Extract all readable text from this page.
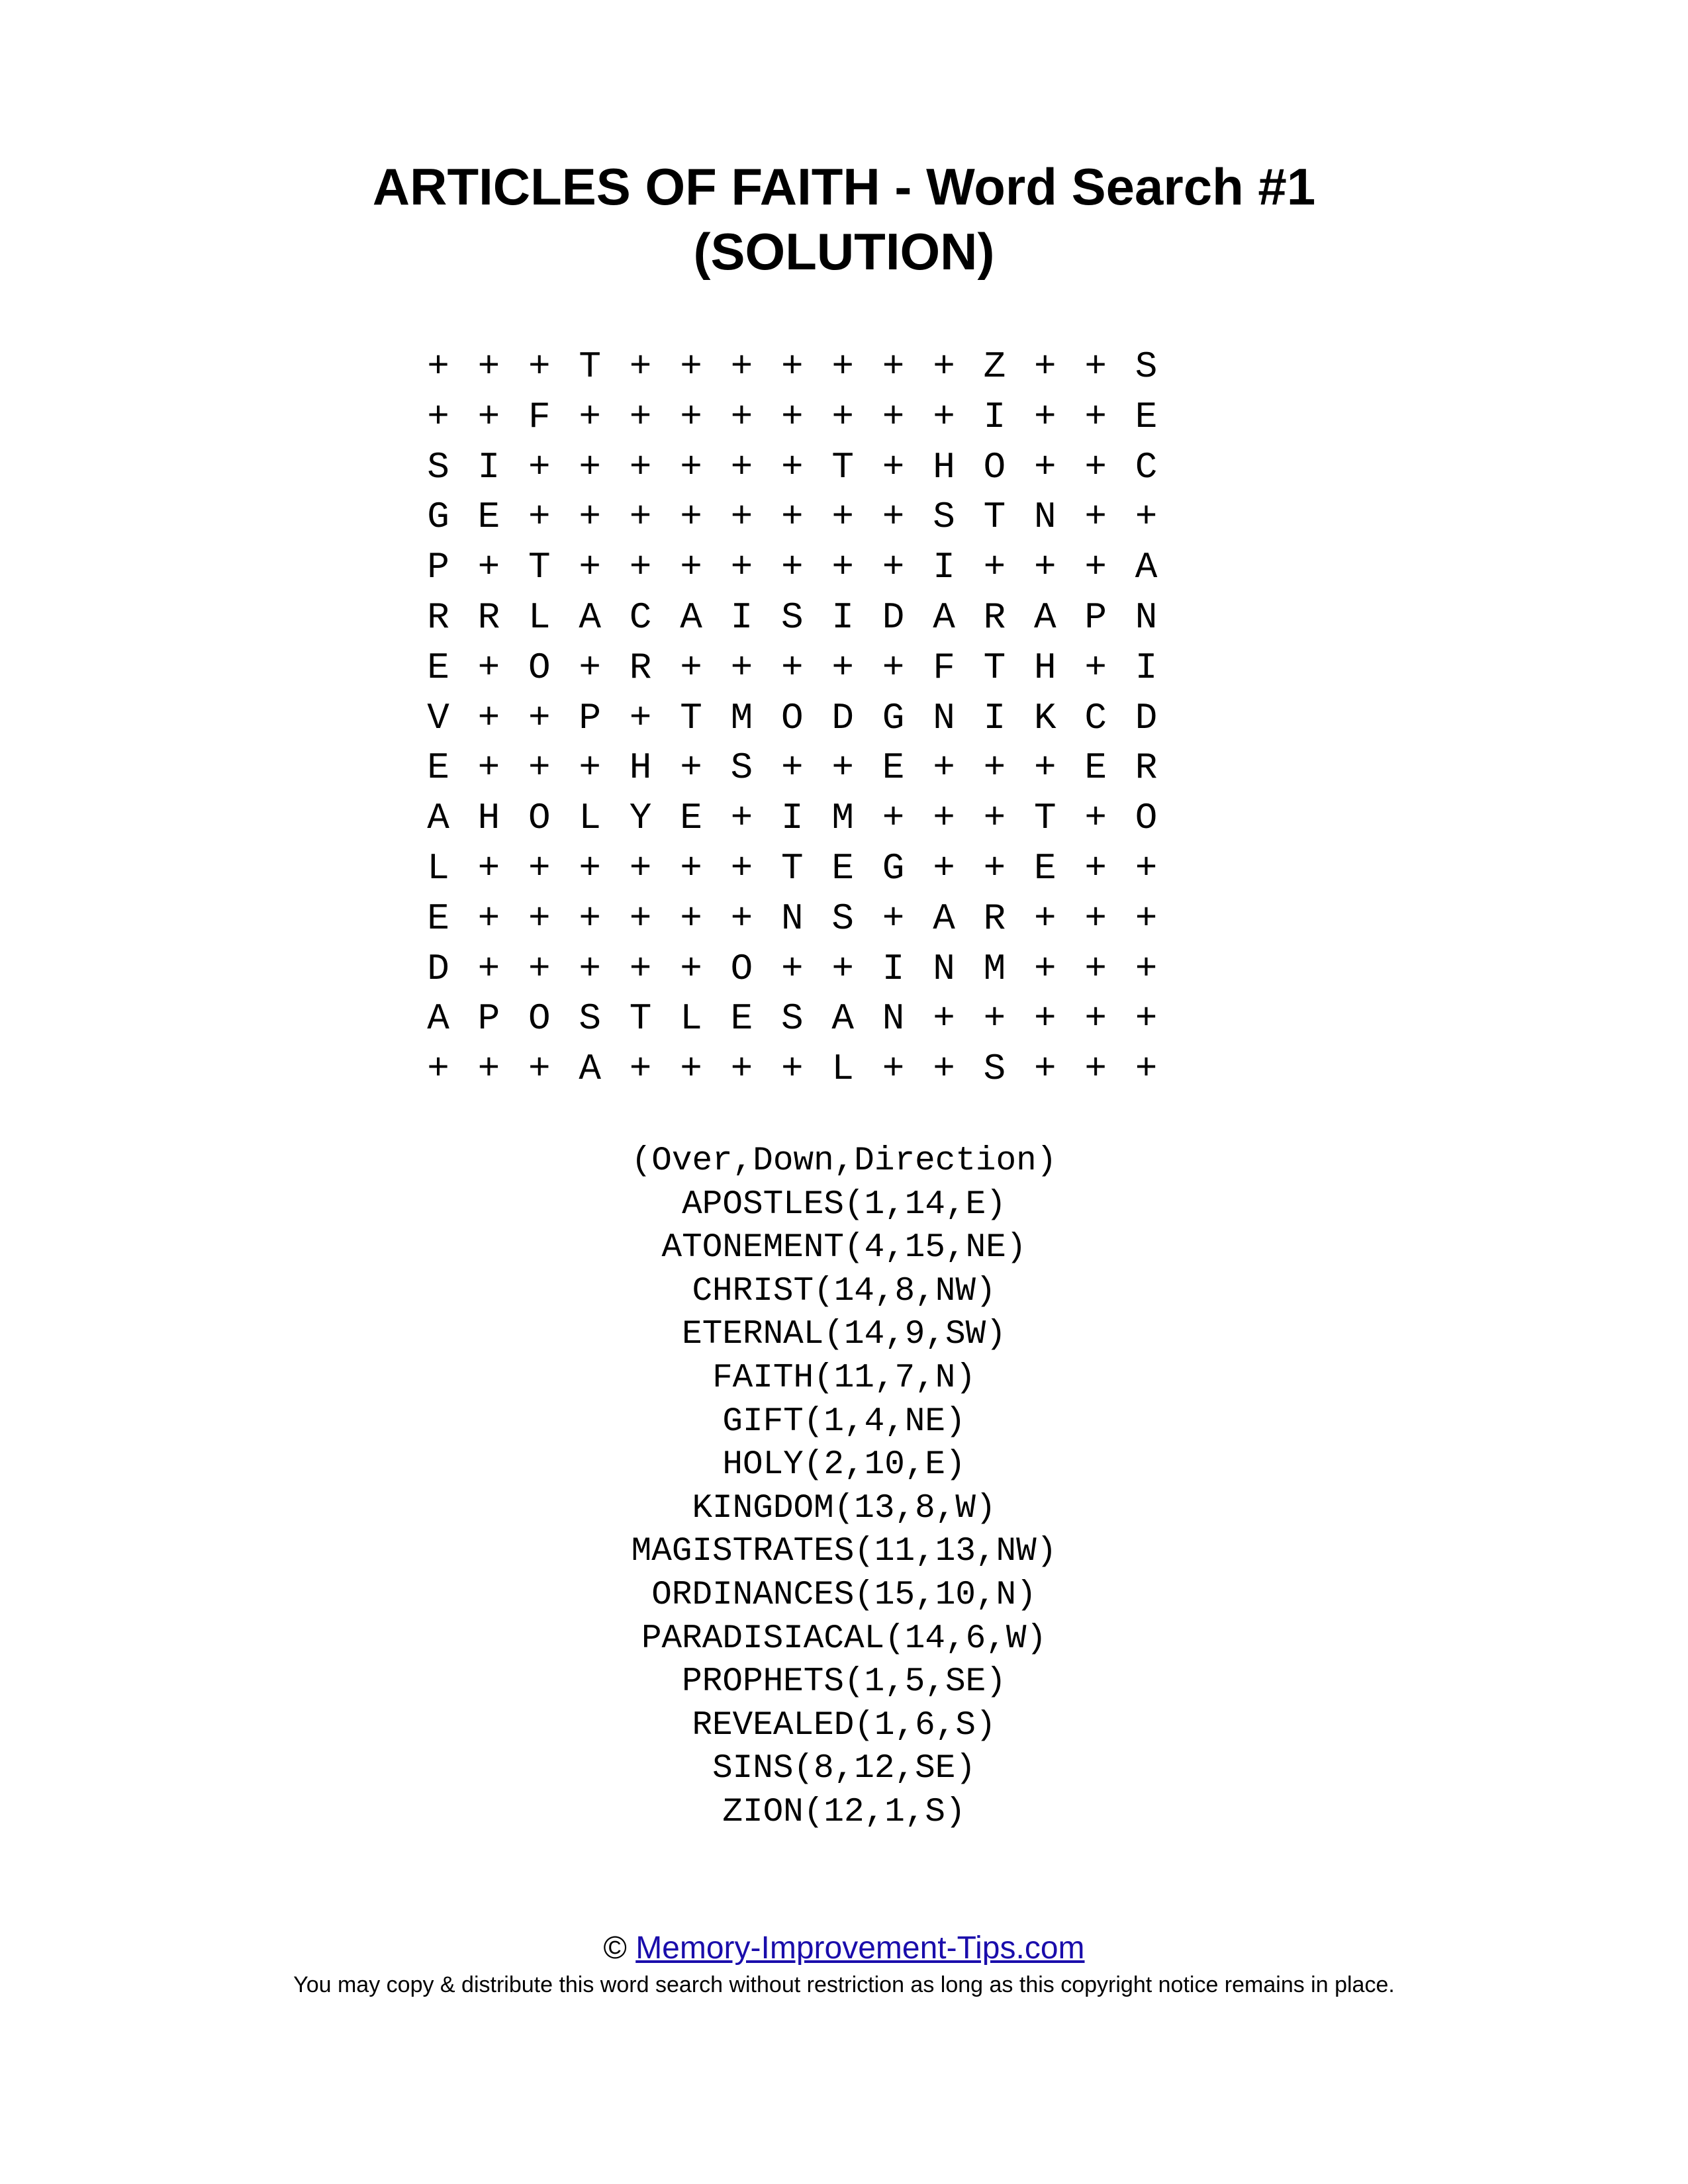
ARTICLES OF FAITH - Word Search #1
(SOLUTION)
+ + + T + + + + + + + Z + + S
+ + F + + + + + + + + I + + E
S I + + + + + + T + H O + + C
G E + + + + + + + + S T N + +
P + T + + + + + + + I + + + A
R R L A C A I S I D A R A P N
E + O + R + + + + + F T H + I
V + + P + T M O D G N I K C D
E + + + H + S + + E + + + E R
A H O L Y E + I M + + + T + O
L + + + + + + T E G + + E + +
E + + + + + + N S + A R + + +
D + + + + + O + + I N M + + +
A P O S T L E S A N + + + + +
+ + + A + + + + L + + S + + +
(Over,Down,Direction)
APOSTLES(1,14,E)
ATONEMENT(4,15,NE)
CHRIST(14,8,NW)
ETERNAL(14,9,SW)
FAITH(11,7,N)
GIFT(1,4,NE)
HOLY(2,10,E)
KINGDOM(13,8,W)
MAGISTRATES(11,13,NW)
ORDINANCES(15,10,N)
PARADISIACAL(14,6,W)
PROPHETS(1,5,SE)
REVEALED(1,6,S)
SINS(8,12,SE)
ZION(12,1,S)
© Memory-Improvement-Tips.com
You may copy & distribute this word search without restriction as long as this copyright notice remains in place.
